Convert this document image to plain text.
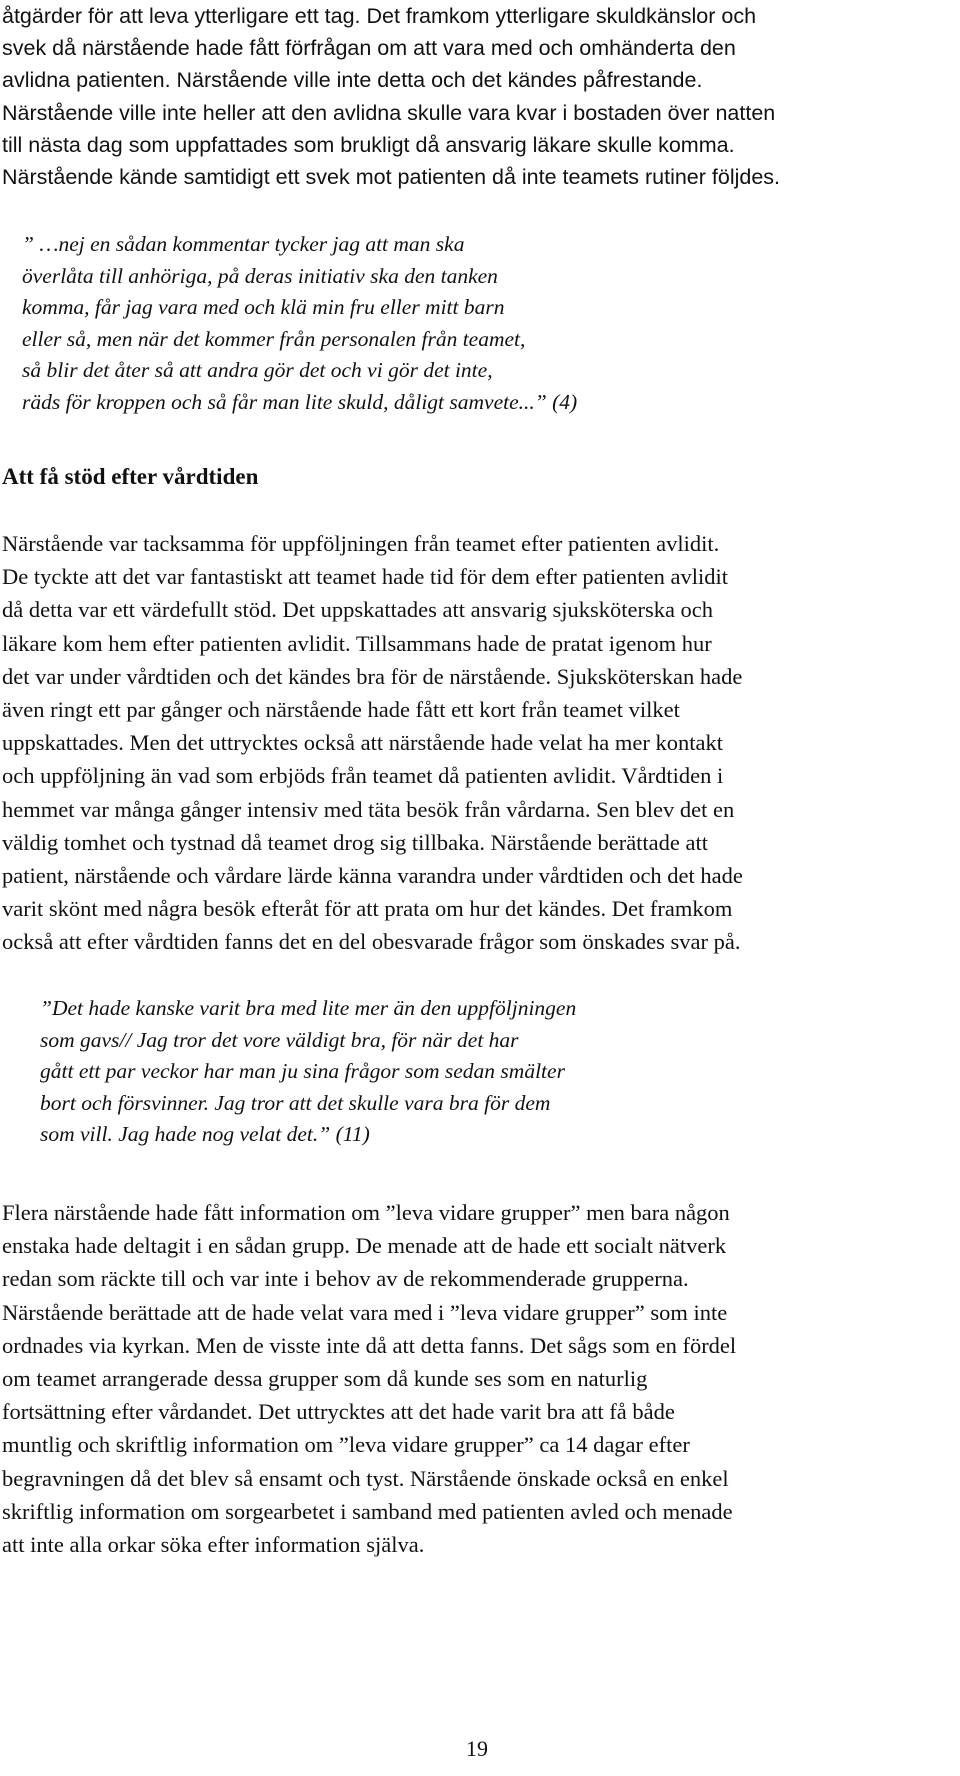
åtgärder för att leva ytterligare ett tag. Det framkom ytterligare skuldkänslor och
svek då närstående hade fått förfrågan om att vara med och omhänderta den
avlidna patienten. Närstående ville inte detta och det kändes påfrestande.
Närstående ville inte heller att den avlidna skulle vara kvar i bostaden över natten
till nästa dag som uppfattades som brukligt då ansvarig läkare skulle komma.
Närstående kände samtidigt ett svek mot patienten då inte teamets rutiner följdes.
” …nej en sådan kommentar tycker jag att man ska
överlåta till anhöriga, på deras initiativ ska den tanken
komma, får jag vara med och klä min fru eller mitt barn
eller så, men när det kommer från personalen från teamet,
så blir det åter så att andra gör det och vi gör det inte,
räds för kroppen och så får man lite skuld, dåligt samvete...” (4)
Att få stöd efter vårdtiden
Närstående var tacksamma för uppföljningen från teamet efter patienten avlidit.
De tyckte att det var fantastiskt att teamet hade tid för dem efter patienten avlidit
då detta var ett värdefullt stöd. Det uppskattades att ansvarig sjuksköterska och
läkare kom hem efter patienten avlidit. Tillsammans hade de pratat igenom hur
det var under vårdtiden och det kändes bra för de närstående. Sjuksköterskan hade
även ringt ett par gånger och närstående hade fått ett kort från teamet vilket
uppskattades. Men det uttrycktes också att närstående hade velat ha mer kontakt
och uppföljning än vad som erbjöds från teamet då patienten avlidit. Vårdtiden i
hemmet var många gånger intensiv med täta besök från vårdarna. Sen blev det en
väldig tomhet och tystnad då teamet drog sig tillbaka. Närstående berättade att
patient, närstående och vårdare lärde känna varandra under vårdtiden och det hade
varit skönt med några besök efteråt för att prata om hur det kändes. Det framkom
också att efter vårdtiden fanns det en del obesvarade frågor som önskades svar på.
”Det hade kanske varit bra med lite mer än den uppföljningen
som gavs// Jag tror det vore väldigt bra, för när det har
gått ett par veckor har man ju sina frågor som sedan smälter
bort och försvinner. Jag tror att det skulle vara bra för dem
som vill. Jag hade nog velat det.” (11)
Flera närstående hade fått information om ”leva vidare grupper” men bara någon
enstaka hade deltagit i en sådan grupp. De menade att de hade ett socialt nätverk
redan som räckte till och var inte i behov av de rekommenderade grupperna.
Närstående berättade att de hade velat vara med i ”leva vidare grupper” som inte
ordnades via kyrkan. Men de visste inte då att detta fanns. Det sågs som en fördel
om teamet arrangerade dessa grupper som då kunde ses som en naturlig
fortsättning efter vårdandet. Det uttrycktes att det hade varit bra att få både
muntlig och skriftlig information om ”leva vidare grupper” ca 14 dagar efter
begravningen då det blev så ensamt och tyst. Närstående önskade också en enkel
skriftlig information om sorgearbetet i samband med patienten avled och menade
att inte alla orkar söka efter information själva.
19
